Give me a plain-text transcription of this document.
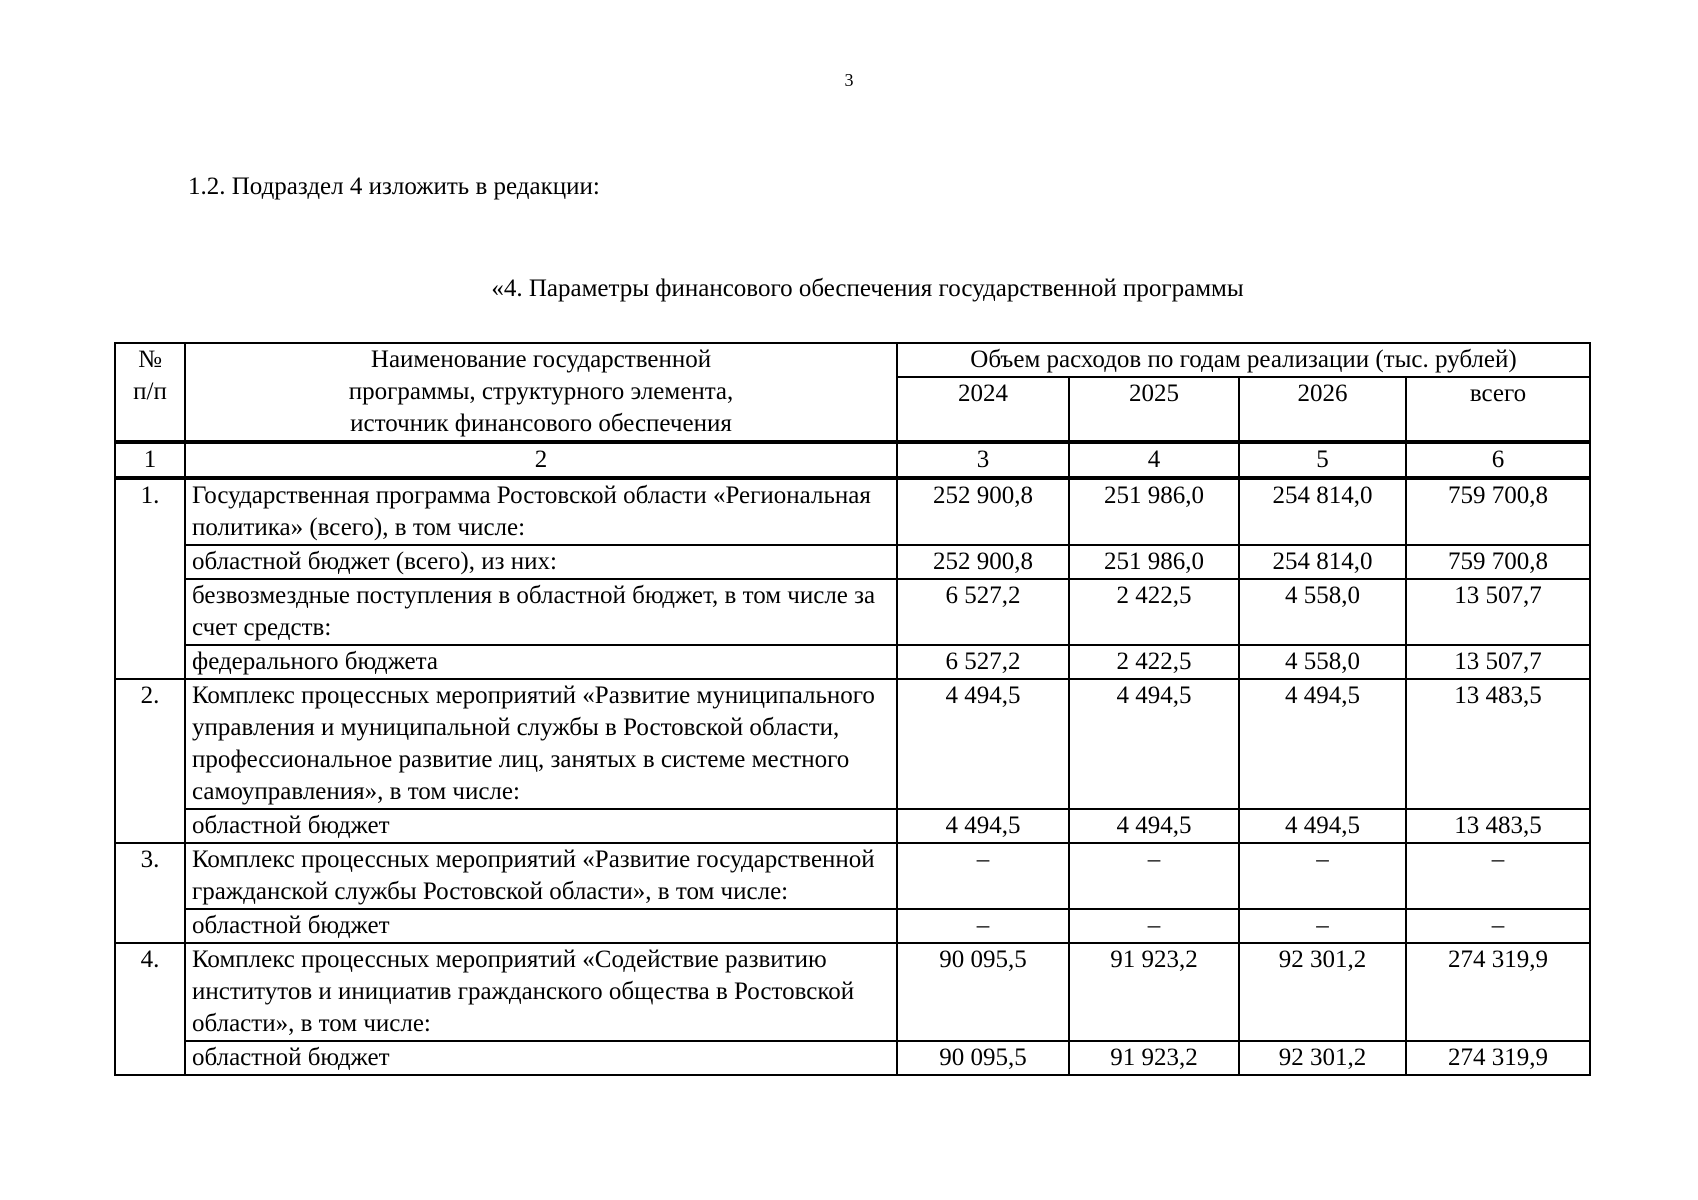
3
1.2. Подраздел 4 изложить в редакции:
«4. Параметры финансового обеспечения государственной программы
№ п/п	Наименование государственной программы, структурного элемента, источник финансового обеспечения	Объем расходов по годам реализации (тыс. рублей)			
		2024	2025	2026	всего
1	2	3	4	5	6
1.	Государственная программа Ростовской области «Региональная политика» (всего), в том числе:	252 900,8	251 986,0	254 814,0	759 700,8
	областной бюджет (всего), из них:	252 900,8	251 986,0	254 814,0	759 700,8
	безвозмездные поступления в областной бюджет, в том числе за счет средств:	6 527,2	2 422,5	4 558,0	13 507,7
	федерального бюджета	6 527,2	2 422,5	4 558,0	13 507,7
2.	Комплекс процессных мероприятий «Развитие муниципального управления и муниципальной службы в Ростовской области, профессиональное развитие лиц, занятых в системе местного самоуправления», в том числе:	4 494,5	4 494,5	4 494,5	13 483,5
	областной бюджет	4 494,5	4 494,5	4 494,5	13 483,5
3.	Комплекс процессных мероприятий «Развитие государственной гражданской службы Ростовской области», в том числе:	–	–	–	–
	областной бюджет	–	–	–	–
4.	Комплекс процессных мероприятий «Содействие развитию институтов и инициатив гражданского общества в Ростовской области», в том числе:	90 095,5	91 923,2	92 301,2	274 319,9
	областной бюджет	90 095,5	91 923,2	92 301,2	274 319,9
